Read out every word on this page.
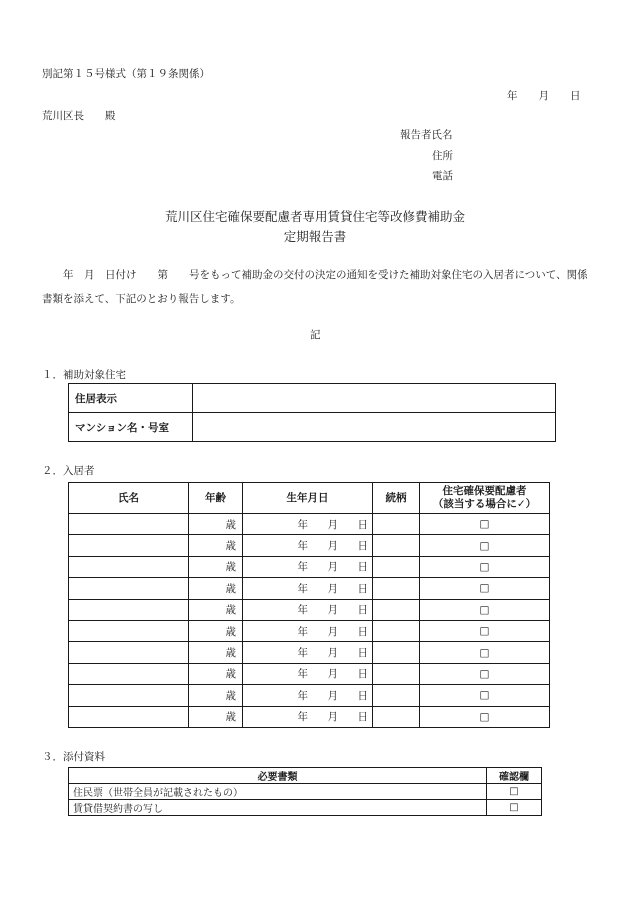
別記第１５号様式（第１９条関係）
年　　月　　日
荒川区長　　殿
報告者氏名
住所
電話
荒川区住宅確保要配慮者専用賃貸住宅等改修費補助金
定期報告書
年　月　日付け　　第　　号をもって補助金の交付の決定の通知を受けた補助対象住宅の入居者について、関係書類を添えて、下記のとおり報告します。
記
１．補助対象住宅
住居表示	
マンション名・号室	
２．入居者
氏名	年齢	生年月日	続柄	住宅確保要配慮者
（該当する場合に✓）

	歳	年 月 日		□
	歳	年 月 日		□
	歳	年 月 日		□
	歳	年 月 日		□
	歳	年 月 日		□
	歳	年 月 日		□
	歳	年 月 日		□
	歳	年 月 日		□
	歳	年 月 日		□
	歳	年 月 日		□
３．添付資料
必要書類	確認欄
住民票（世帯全員が記載されたもの）	□
賃貸借契約書の写し	□
